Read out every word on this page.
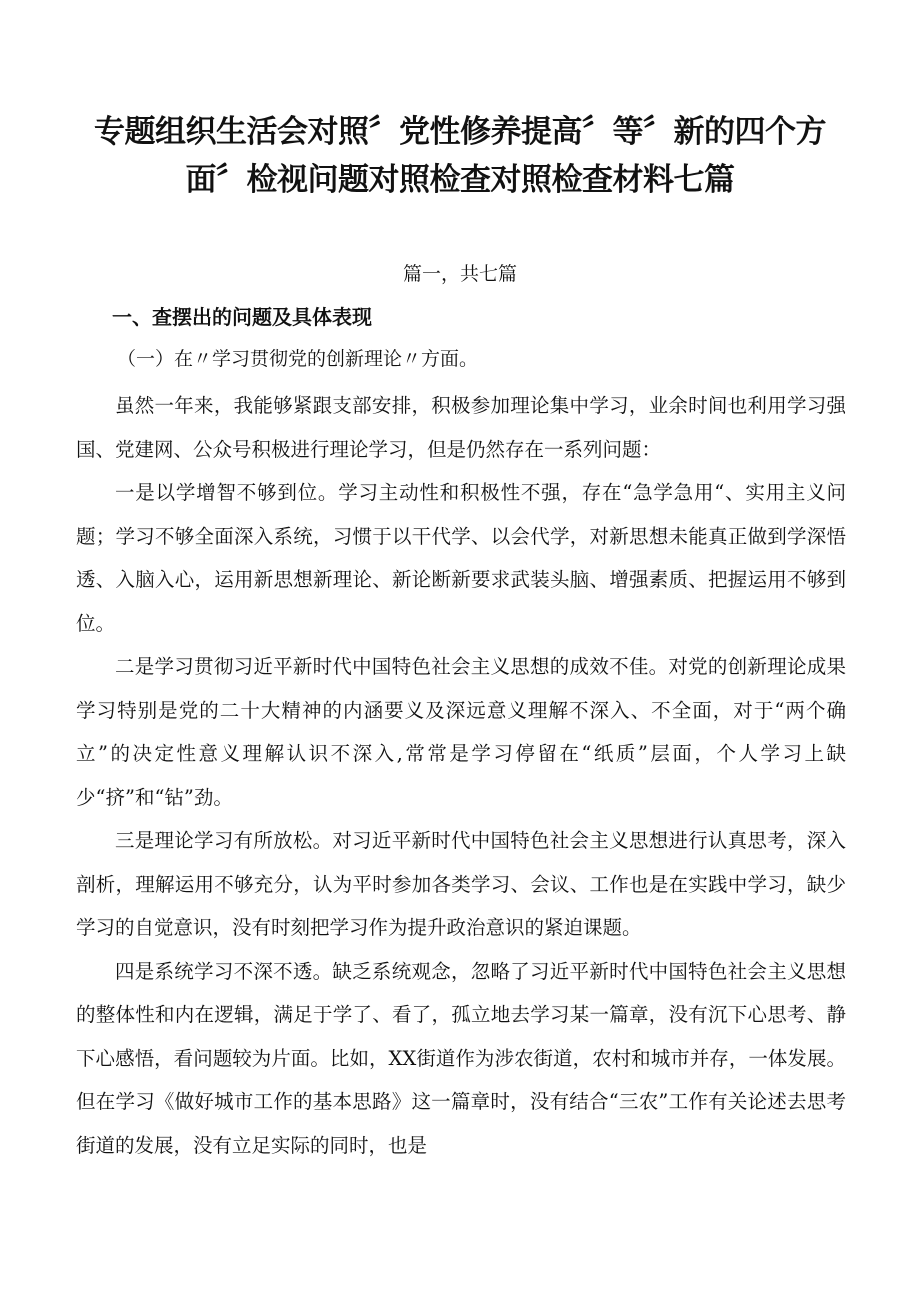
专题组织生活会对照〞党性修养提高〞等〞新的四个方面〞检视问题对照检查对照检查材料七篇
篇一，共七篇
一、查摆出的问题及具体表现
（一）在〃学习贯彻党的创新理论〃方面。

虽然一年来，我能够紧跟支部安排，积极参加理论集中学习，业余时间也利用学习强国、党建网、公众号积极进行理论学习，但是仍然存在一系列问题：

一是以学增智不够到位。学习主动性和积极性不强，存在“急学急用“、实用主义问题；学习不够全面深入系统，习惯于以干代学、以会代学，对新思想未能真正做到学深悟透、入脑入心，运用新思想新理论、新论断新要求武装头脑、增强素质、把握运用不够到位。

二是学习贯彻习近平新时代中国特色社会主义思想的成效不佳。对党的创新理论成果学习特别是党的二十大精神的内涵要义及深远意义理解不深入、不全面，对于“两个确立”的决定性意义理解认识不深入,常常是学习停留在“纸质”层面，个人学习上缺少“挤”和“钻”劲。

三是理论学习有所放松。对习近平新时代中国特色社会主义思想进行认真思考，深入剖析，理解运用不够充分，认为平时参加各类学习、会议、工作也是在实践中学习，缺少学习的自觉意识，没有时刻把学习作为提升政治意识的紧迫课题。

四是系统学习不深不透。缺乏系统观念，忽略了习近平新时代中国特色社会主义思想的整体性和内在逻辑，满足于学了、看了，孤立地去学习某一篇章，没有沉下心思考、静下心感悟，看问题较为片面。比如，XX街道作为涉农街道，农村和城市并存，一体发展。但在学习《做好城市工作的基本思路》这一篇章时，没有结合“三农”工作有关论述去思考街道的发展，没有立足实际的同时，也是
